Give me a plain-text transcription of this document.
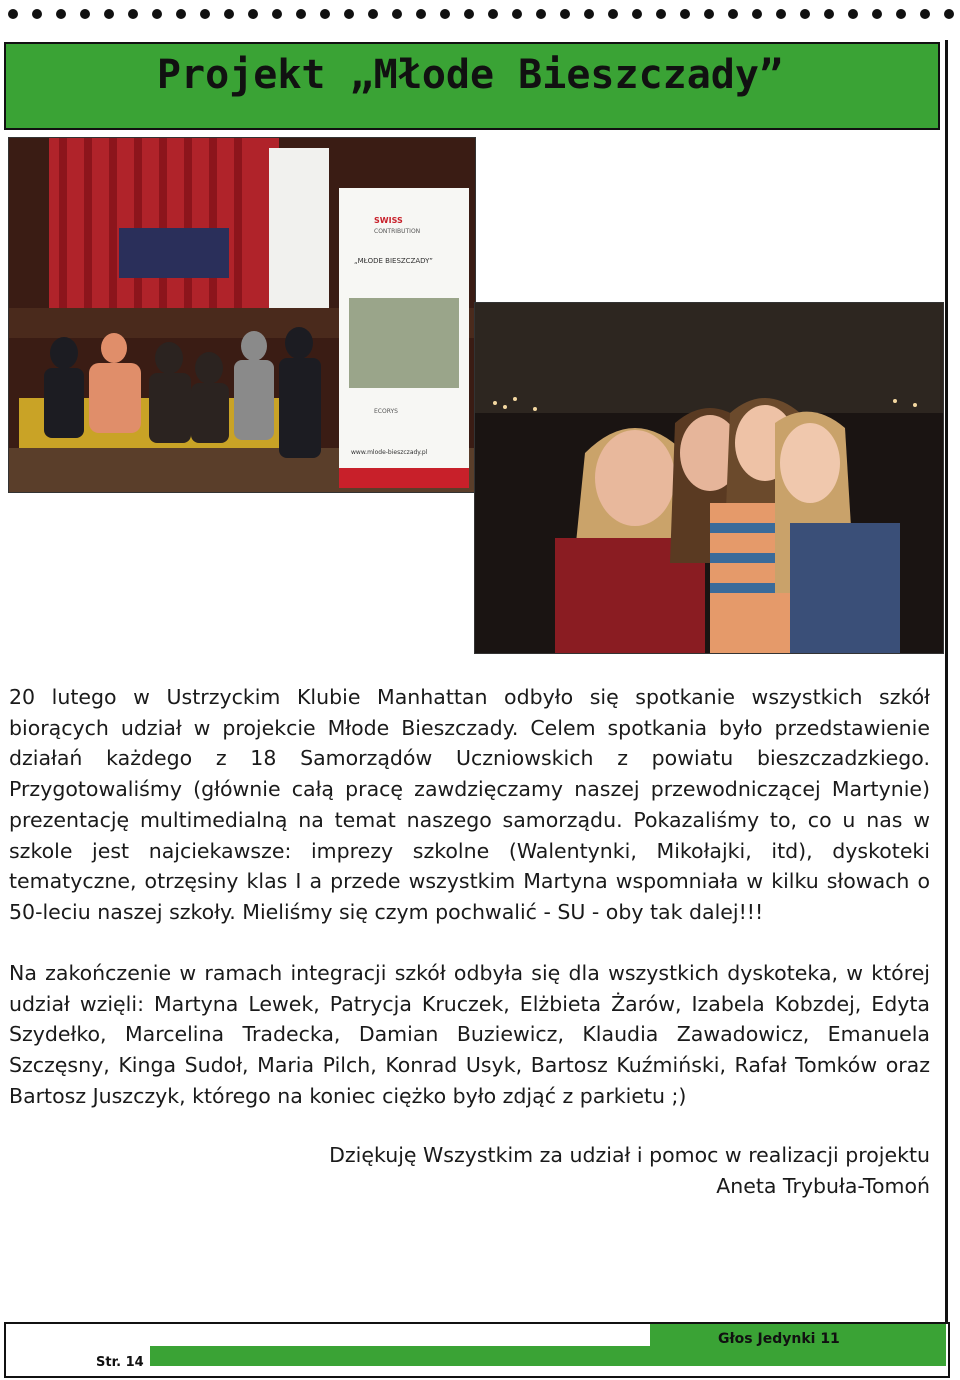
Projekt „Młode Bieszczady”
SWISS
CONTRIBUTION
„MŁODE BIESZCZADY”
ECORYS
www.mlode-bieszczady.pl

20 lutego w Ustrzyckim Klubie Manhattan odbyło się spotkanie wszystkich szkół biorących udział w projekcie Młode Bieszczady. Celem spotkania było przedstawienie działań każdego z 18 Samorządów Uczniowskich z powiatu bieszczadzkiego. Przygotowaliśmy (głównie całą pracę zawdzięczamy naszej przewodniczącej Martynie) prezentację multimedialną na temat naszego samorządu. Pokazaliśmy to, co u nas w szkole jest najciekawsze: imprezy szkolne (Walentynki, Mikołajki, itd), dyskoteki tematyczne, otrzęsiny klas I a przede wszystkim Martyna wspomniała w kilku słowach o 50-leciu naszej szkoły. Mieliśmy się czym pochwalić - SU - oby tak dalej!!!

Na zakończenie w ramach integracji szkół odbyła się dla wszystkich dyskoteka, w której udział wzięli: Martyna Lewek, Patrycja Kruczek, Elżbieta Żarów, Izabela Kobzdej, Edyta Szydełko, Marcelina Tradecka, Damian Buziewicz, Klaudia Zawadowicz, Emanuela Szczęsny, Kinga Sudoł, Maria Pilch, Konrad Usyk, Bartosz Kuźmiński, Rafał Tomków oraz Bartosz Juszczyk, którego na koniec ciężko było zdjąć z parkietu ;)

Dziękuję Wszystkim za udział i pomoc w realizacji projektu

Aneta Trybuła-Tomoń

Głos Jedynki 11
Str. 14
